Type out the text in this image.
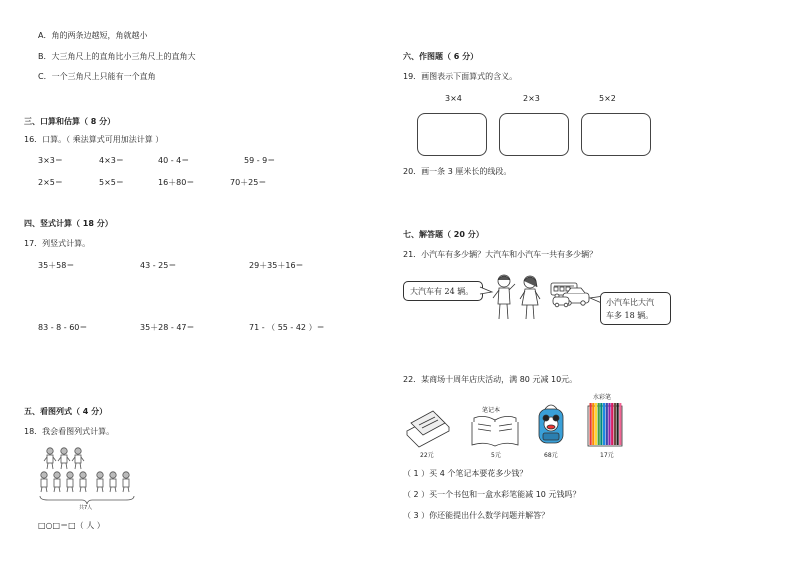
A．角的两条边越短，角就越小
B．大三角尺上的直角比小三角尺上的直角大
C．一个三角尺上只能有一个直角
三、口算和估算（ 8 分）
16．口算。（ 乘法算式可用加法计算 ）
3×3＝	4×3＝	40 - 4＝	59 - 9＝
2×5＝	5×5＝	16＋80＝	70＋25＝
四、竖式计算（ 18 分）
17．列竖式计算。
35＋58＝	43 - 25＝	29＋35＋16＝
83 - 8 - 60＝	35＋28 - 47＝	71 - （ 55 - 42 ）＝
五、看图列式（ 4 分）
18．我会看图列式计算。
共7人
□○□＝□（ 人 ）
六、作图题（ 6 分）
19．画图表示下面算式的含义。
3×4	2×3	5×2
20．画一条 3 厘米长的线段。
七、解答题（ 20 分）
21．小汽车有多少辆？大汽车和小汽车一共有多少辆？
大汽车有 24 辆。
小汽车比大汽
车多 18 辆。
22．某商场十周年店庆活动，满 80 元减 10元。
22元
笔记本
5元	68元
水彩笔
17元
（ 1 ）买 4 个笔记本要花多少钱？
（ 2 ）买一个书包和一盒水彩笔能减 10 元钱吗？
（ 3 ）你还能提出什么数学问题并解答？
